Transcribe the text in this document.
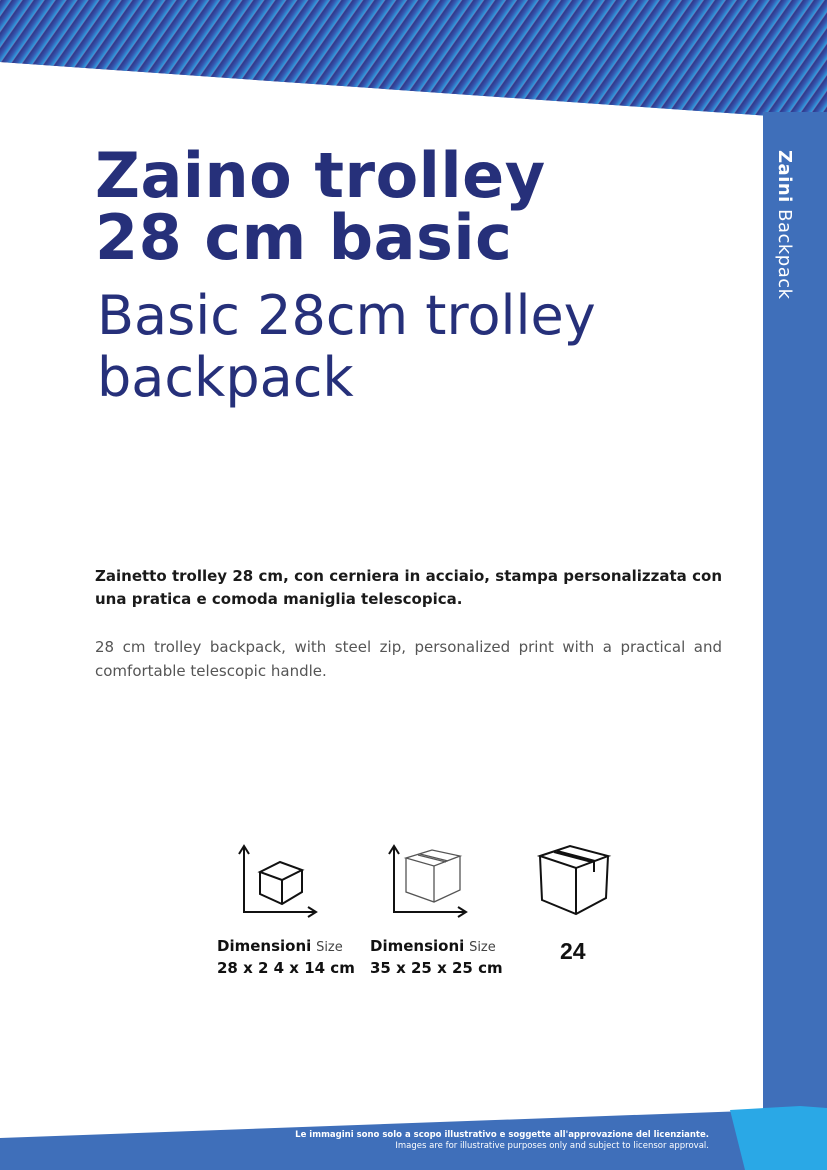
Zaini Backpack
Zaino trolley 28 cm basic
Basic 28cm trolley backpack

Zainetto trolley 28 cm, con cerniera in acciaio, stampa personalizzata con una pratica e comoda maniglia telescopica.

28 cm trolley backpack, with steel zip, personalized print with a practical and comfortable telescopic handle.

Dimensioni Size
28 x 2 4 x 14 cm
Dimensioni Size
35 x 25 x 25 cm
24
Le immagini sono solo a scopo illustrativo e soggette all'approvazione del licenziante.
Images are for illustrative purposes only and subject to licensor approval.
